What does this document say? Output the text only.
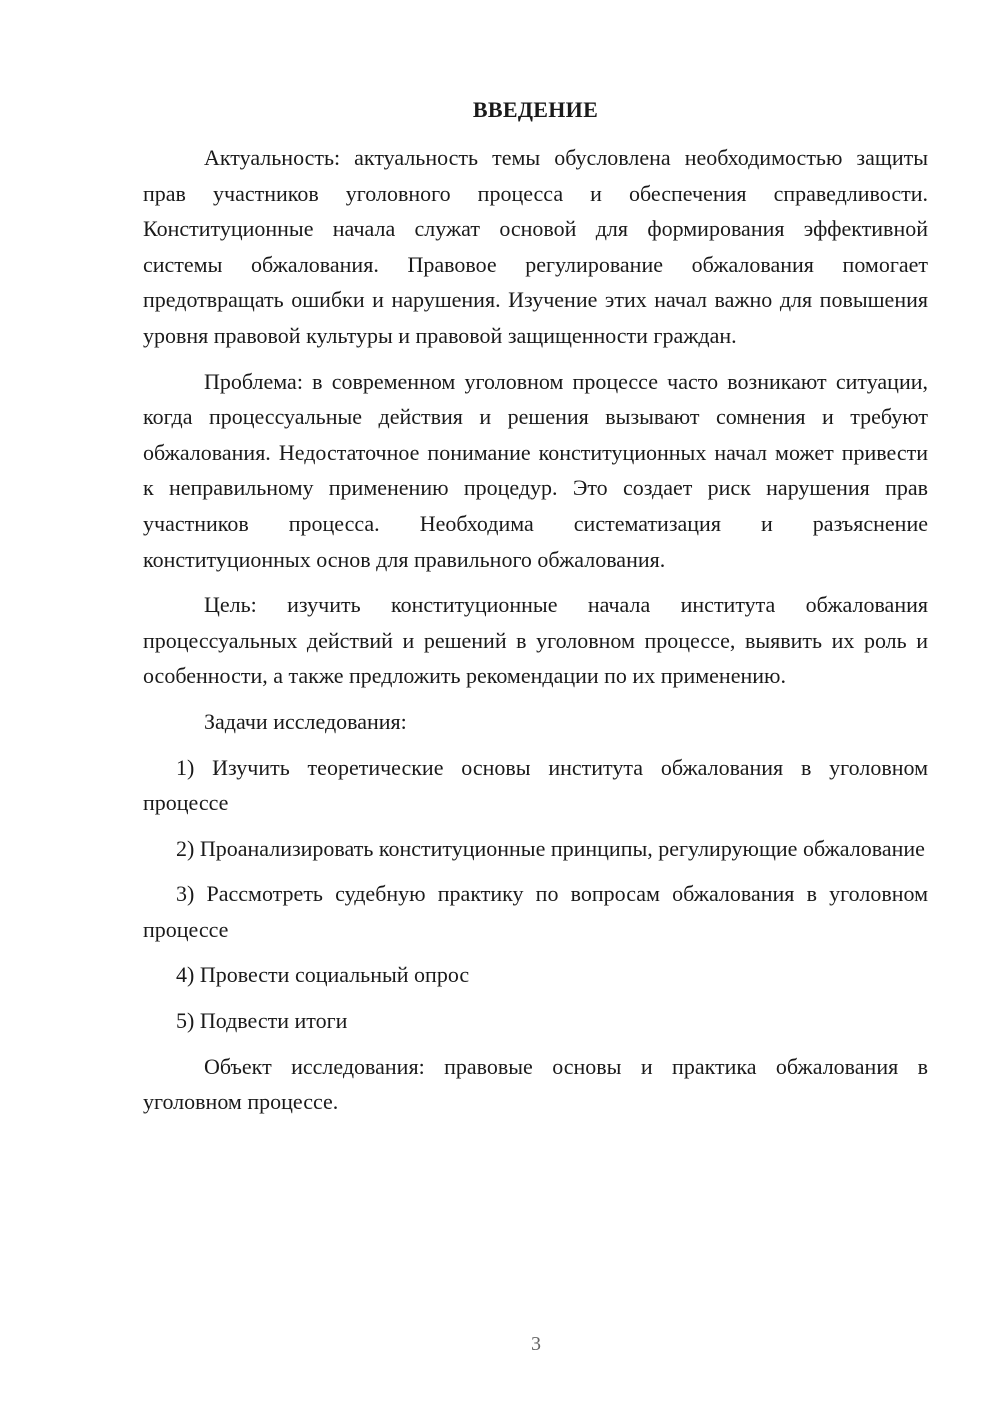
ВВЕДЕНИЕ

Актуальность: актуальность темы обусловлена необходимостью защиты прав участников уголовного процесса и обеспечения справедливости. Конституционные начала служат основой для формирования эффективной системы обжалования. Правовое регулирование обжалования помогает предотвращать ошибки и нарушения. Изучение этих начал важно для повышения уровня правовой культуры и правовой защищенности граждан.

Проблема: в современном уголовном процессе часто возникают ситуации, когда процессуальные действия и решения вызывают сомнения и требуют обжалования. Недостаточное понимание конституционных начал может привести к неправильному применению процедур. Это создает риск нарушения прав участников процесса. Необходима систематизация и разъяснение конституционных основ для правильного обжалования.

Цель: изучить конституционные начала института обжалования процессуальных действий и решений в уголовном процессе, выявить их роль и особенности, а также предложить рекомендации по их применению.

Задачи исследования:

1) Изучить теоретические основы института обжалования в уголовном процессе

2) Проанализировать конституционные принципы, регулирующие обжалование

3) Рассмотреть судебную практику по вопросам обжалования в уголовном процессе

4) Провести социальный опрос

5) Подвести итоги

Объект исследования: правовые основы и практика обжалования в уголовном процессе.

3
